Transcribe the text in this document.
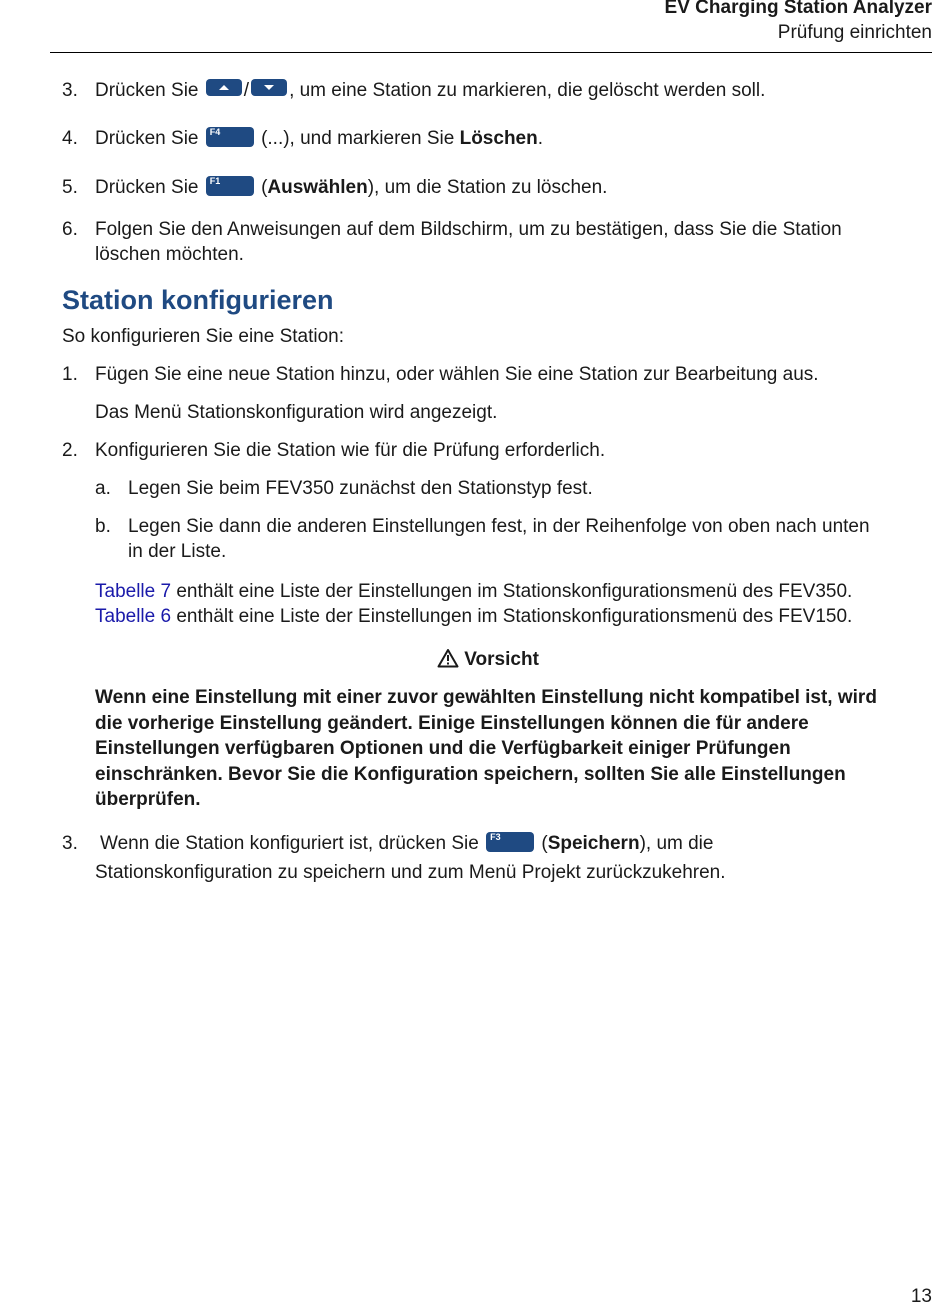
EV Charging Station Analyzer
Prüfung einrichten
3. Drücken Sie / , um eine Station zu markieren, die gelöscht werden soll.
4. Drücken Sie F4 (...), und markieren Sie Löschen.
5. Drücken Sie F1 (Auswählen), um die Station zu löschen.
6. Folgen Sie den Anweisungen auf dem Bildschirm, um zu bestätigen, dass Sie die Station
löschen möchten.
Station konfigurieren
So konfigurieren Sie eine Station:
1. Fügen Sie eine neue Station hinzu, oder wählen Sie eine Station zur Bearbeitung aus.
Das Menü Stationskonfiguration wird angezeigt.
2. Konfigurieren Sie die Station wie für die Prüfung erforderlich.
a. Legen Sie beim FEV350 zunächst den Stationstyp fest.
b. Legen Sie dann die anderen Einstellungen fest, in der Reihenfolge von oben nach unten
in der Liste.
Tabelle 7 enthält eine Liste der Einstellungen im Stationskonfigurationsmenü des FEV350.
Tabelle 6 enthält eine Liste der Einstellungen im Stationskonfigurationsmenü des FEV150.
Vorsicht
Wenn eine Einstellung mit einer zuvor gewählten Einstellung nicht kompatibel ist, wird die vorherige Einstellung geändert. Einige Einstellungen können die für andere Einstellungen verfügbaren Optionen und die Verfügbarkeit einiger Prüfungen einschränken. Bevor Sie die Konfiguration speichern, sollten Sie alle Einstellungen überprüfen.
3. Wenn die Station konfiguriert ist, drücken Sie F3 (Speichern), um die
Stationskonfiguration zu speichern und zum Menü Projekt zurückzukehren.
13
